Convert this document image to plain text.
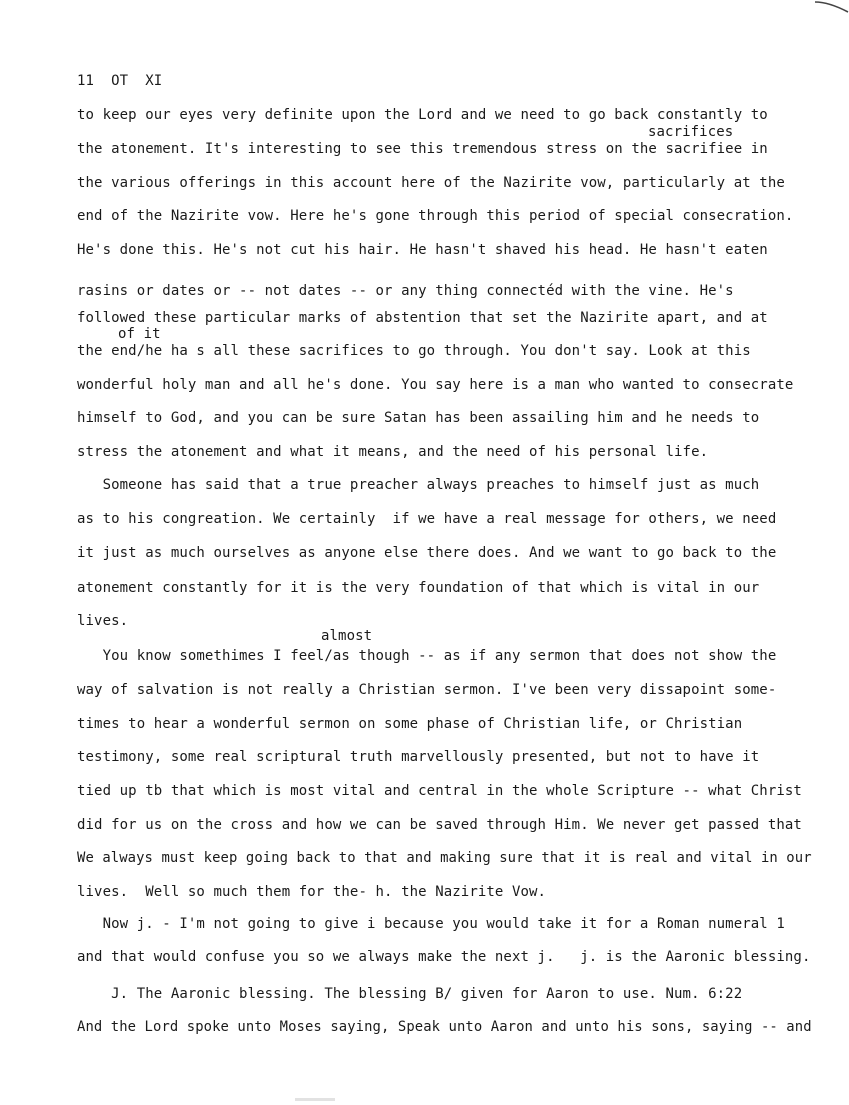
11  OT  XI
sacrifices
of it
almost
to keep our eyes very definite upon the Lord and we need to go back constantly to
the atonement. It's interesting to see this tremendous stress on the sacrifiee in
the various offerings in this account here of the Nazirite vow, particularly at the
end of the Nazirite vow. Here he's gone through this period of special consecration.
He's done this. He's not cut his hair. He hasn't shaved his head. He hasn't eaten
rasins or dates or -- not dates -- or any thing connectéd with the vine. He's
followed these particular marks of abstention that set the Nazirite apart, and at
the end/he ha s all these sacrifices to go through. You don't say. Look at this
wonderful holy man and all he's done. You say here is a man who wanted to consecrate
himself to God, and you can be sure Satan has been assailing him and he needs to
stress the atonement and what it means, and the need of his personal life.
Someone has said that a true preacher always preaches to himself just as much
as to his congreation. We certainly  if we have a real message for others, we need
it just as much ourselves as anyone else there does. And we want to go back to the
atonement constantly for it is the very foundation of that which is vital in our
lives.
You know somethimes I feel/as though -- as if any sermon that does not show the
way of salvation is not really a Christian sermon. I've been very dissapoint some-
times to hear a wonderful sermon on some phase of Christian life, or Christian
testimony, some real scriptural truth marvellously presented, but not to have it
tied up tb that which is most vital and central in the whole Scripture -- what Christ
did for us on the cross and how we can be saved through Him. We never get passed that
We always must keep going back to that and making sure that it is real and vital in our
lives.  Well so much them for the- h. the Nazirite Vow.
Now j. - I'm not going to give i because you would take it for a Roman numeral 1
and that would confuse you so we always make the next j.   j. is the Aaronic blessing.
J. The Aaronic blessing. The blessing B/ given for Aaron to use. Num. 6:22
And the Lord spoke unto Moses saying, Speak unto Aaron and unto his sons, saying -- and
